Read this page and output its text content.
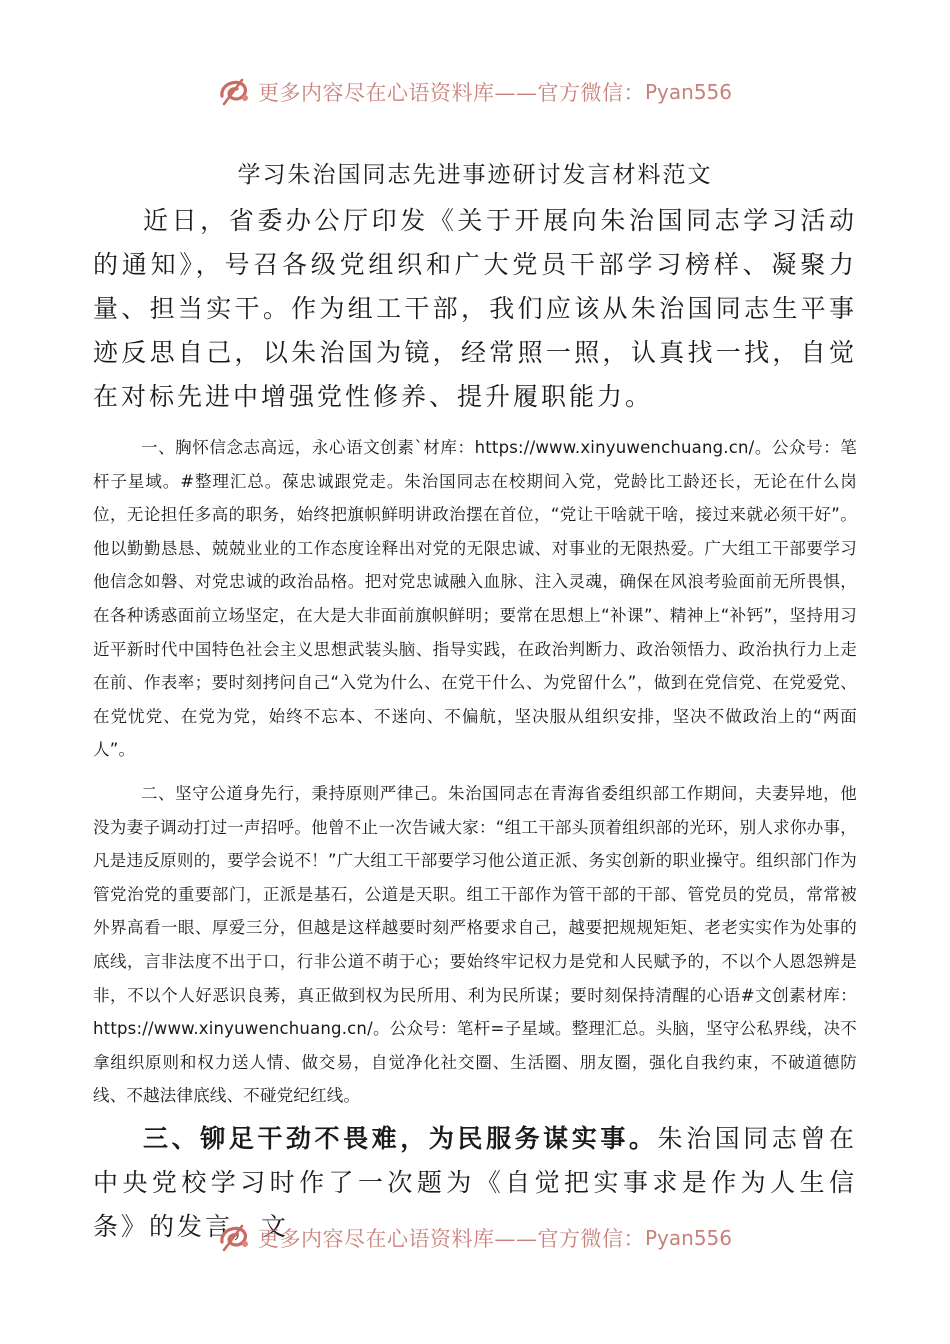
更多内容尽在心语资料库——官方微信： Pyan556
学习朱治国同志先进事迹研讨发言材料范文

近日，省委办公厅印发《关于开展向朱治国同志学习活动的通知》，号召各级党组织和广大党员干部学习榜样、凝聚力量、担当实干。作为组工干部，我们应该从朱治国同志生平事迹反思自己，以朱治国为镜，经常照一照，认真找一找，自觉在对标先进中增强党性修养、提升履职能力。

一、胸怀信念志高远，永心语文创素`材库：https://www.xinyuwenchuang.cn/。公众号：笔杆子星域。#整理汇总。葆忠诚跟党走。朱治国同志在校期间入党，党龄比工龄还长，无论在什么岗位，无论担任多高的职务，始终把旗帜鲜明讲政治摆在首位，“党让干啥就干啥，接过来就必须干好”。他以勤勤恳恳、兢兢业业的工作态度诠释出对党的无限忠诚、对事业的无限热爱。广大组工干部要学习他信念如磐、对党忠诚的政治品格。把对党忠诚融入血脉、注入灵魂，确保在风浪考验面前无所畏惧，在各种诱惑面前立场坚定，在大是大非面前旗帜鲜明；要常在思想上“补课”、精神上“补钙”，坚持用习近平新时代中国特色社会主义思想武装头脑、指导实践，在政治判断力、政治领悟力、政治执行力上走在前、作表率；要时刻拷问自己“入党为什么、在党干什么、为党留什么”，做到在党信党、在党爱党、在党忧党、在党为党，始终不忘本、不迷向、不偏航，坚决服从组织安排，坚决不做政治上的“两面人”。

二、坚守公道身先行，秉持原则严律己。朱治国同志在青海省委组织部工作期间，夫妻异地，他没为妻子调动打过一声招呼。他曾不止一次告诫大家：“组工干部头顶着组织部的光环，别人求你办事，凡是违反原则的，要学会说不！”广大组工干部要学习他公道正派、务实创新的职业操守。组织部门作为管党治党的重要部门，正派是基石，公道是天职。组工干部作为管干部的干部、管党员的党员，常常被外界高看一眼、厚爱三分，但越是这样越要时刻严格要求自己，越要把规规矩矩、老老实实作为处事的底线，言非法度不出于口，行非公道不萌于心；要始终牢记权力是党和人民赋予的，不以个人恩怨辨是非，不以个人好恶识良莠，真正做到权为民所用、利为民所谋；要时刻保持清醒的心语#文创素材库：https://www.xinyuwenchuang.cn/。公众号：笔杆=子星域。整理汇总。头脑，坚守公私界线，决不拿组织原则和权力送人情、做交易，自觉净化社交圈、生活圈、朋友圈，强化自我约束，不破道德防线、不越法律底线、不碰党纪红线。

三、铆足干劲不畏难，为民服务谋实事。朱治国同志曾在中央党校学习时作了一次题为《自觉把实事求是作为人生信条》的发言，文

更多内容尽在心语资料库——官方微信： Pyan556
